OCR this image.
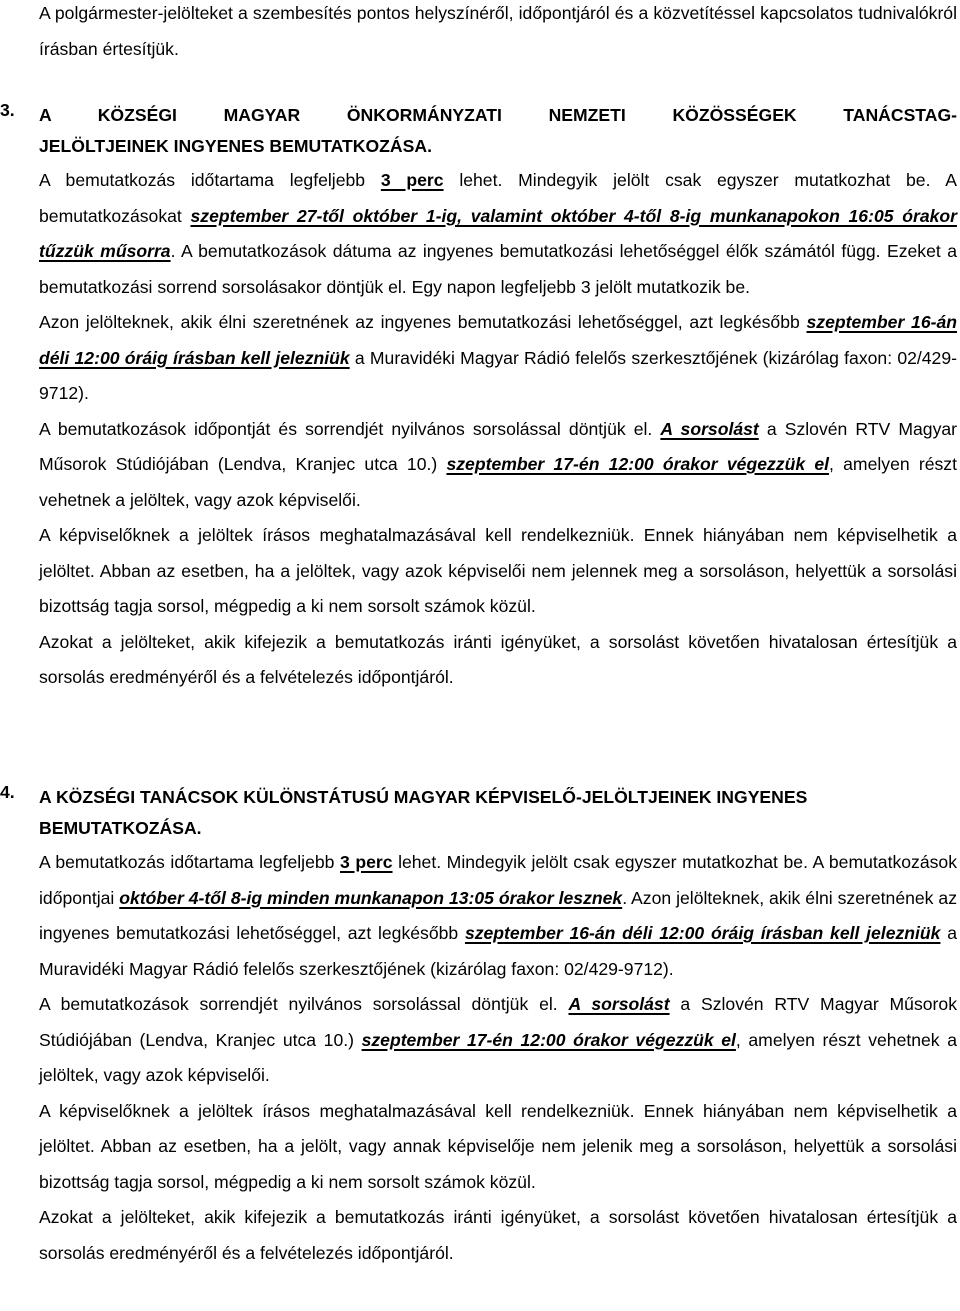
A polgármester-jelölteket a szembesítés pontos helyszínéről, időpontjáról és a közvetítéssel kapcsolatos tudnivalókról írásban értesítjük.

3. A KÖZSÉGI MAGYAR ÖNKORMÁNYZATI NEMZETI KÖZÖSSÉGEK TANÁCSTAG-
JELÖLTJEINEK INGYENES BEMUTATKOZÁSA.

A bemutatkozás időtartama legfeljebb 3 perc lehet. Mindegyik jelölt csak egyszer mutatkozhat be. A bemutatkozásokat szeptember 27-től október 1-ig, valamint október 4-től 8-ig munkanapokon 16:05 órakor tűzzük műsorra. A bemutatkozások dátuma az ingyenes bemutatkozási lehetőséggel élők számától függ. Ezeket a bemutatkozási sorrend sorsolásakor döntjük el. Egy napon legfeljebb 3 jelölt mutatkozik be.

Azon jelölteknek, akik élni szeretnének az ingyenes bemutatkozási lehetőséggel, azt legkésőbb szeptember 16-án déli 12:00 óráig írásban kell jelezniük a Muravidéki Magyar Rádió felelős szerkesztőjének (kizárólag faxon: 02/429-9712).

A bemutatkozások időpontját és sorrendjét nyilvános sorsolással döntjük el. A sorsolást a Szlovén RTV Magyar Műsorok Stúdiójában (Lendva, Kranjec utca 10.) szeptember 17-én 12:00 órakor végezzük el, amelyen részt vehetnek a jelöltek, vagy azok képviselői.

A képviselőknek a jelöltek írásos meghatalmazásával kell rendelkezniük. Ennek hiányában nem képviselhetik a jelöltet. Abban az esetben, ha a jelöltek, vagy azok képviselői nem jelennek meg a sorsoláson, helyettük a sorsolási bizottság tagja sorsol, mégpedig a ki nem sorsolt számok közül.

Azokat a jelölteket, akik kifejezik a bemutatkozás iránti igényüket, a sorsolást követően hivatalosan értesítjük a sorsolás eredményéről és a felvételezés időpontjáról.

4. A KÖZSÉGI TANÁCSOK KÜLÖNSTÁTUSÚ MAGYAR KÉPVISELŐ-JELÖLTJEINEK INGYENES
BEMUTATKOZÁSA.

A bemutatkozás időtartama legfeljebb 3 perc lehet. Mindegyik jelölt csak egyszer mutatkozhat be. A bemutatkozások időpontjai október 4-től 8-ig minden munkanapon 13:05 órakor lesznek. Azon jelölteknek, akik élni szeretnének az ingyenes bemutatkozási lehetőséggel, azt legkésőbb szeptember 16-án déli 12:00 óráig írásban kell jelezniük a Muravidéki Magyar Rádió felelős szerkesztőjének (kizárólag faxon: 02/429-9712).

A bemutatkozások sorrendjét nyilvános sorsolással döntjük el. A sorsolást a Szlovén RTV Magyar Műsorok Stúdiójában (Lendva, Kranjec utca 10.) szeptember 17-én 12:00 órakor végezzük el, amelyen részt vehetnek a jelöltek, vagy azok képviselői.

A képviselőknek a jelöltek írásos meghatalmazásával kell rendelkezniük. Ennek hiányában nem képviselhetik a jelöltet. Abban az esetben, ha a jelölt, vagy annak képviselője nem jelenik meg a sorsoláson, helyettük a sorsolási bizottság tagja sorsol, mégpedig a ki nem sorsolt számok közül.

Azokat a jelölteket, akik kifejezik a bemutatkozás iránti igényüket, a sorsolást követően hivatalosan értesítjük a sorsolás eredményéről és a felvételezés időpontjáról.
